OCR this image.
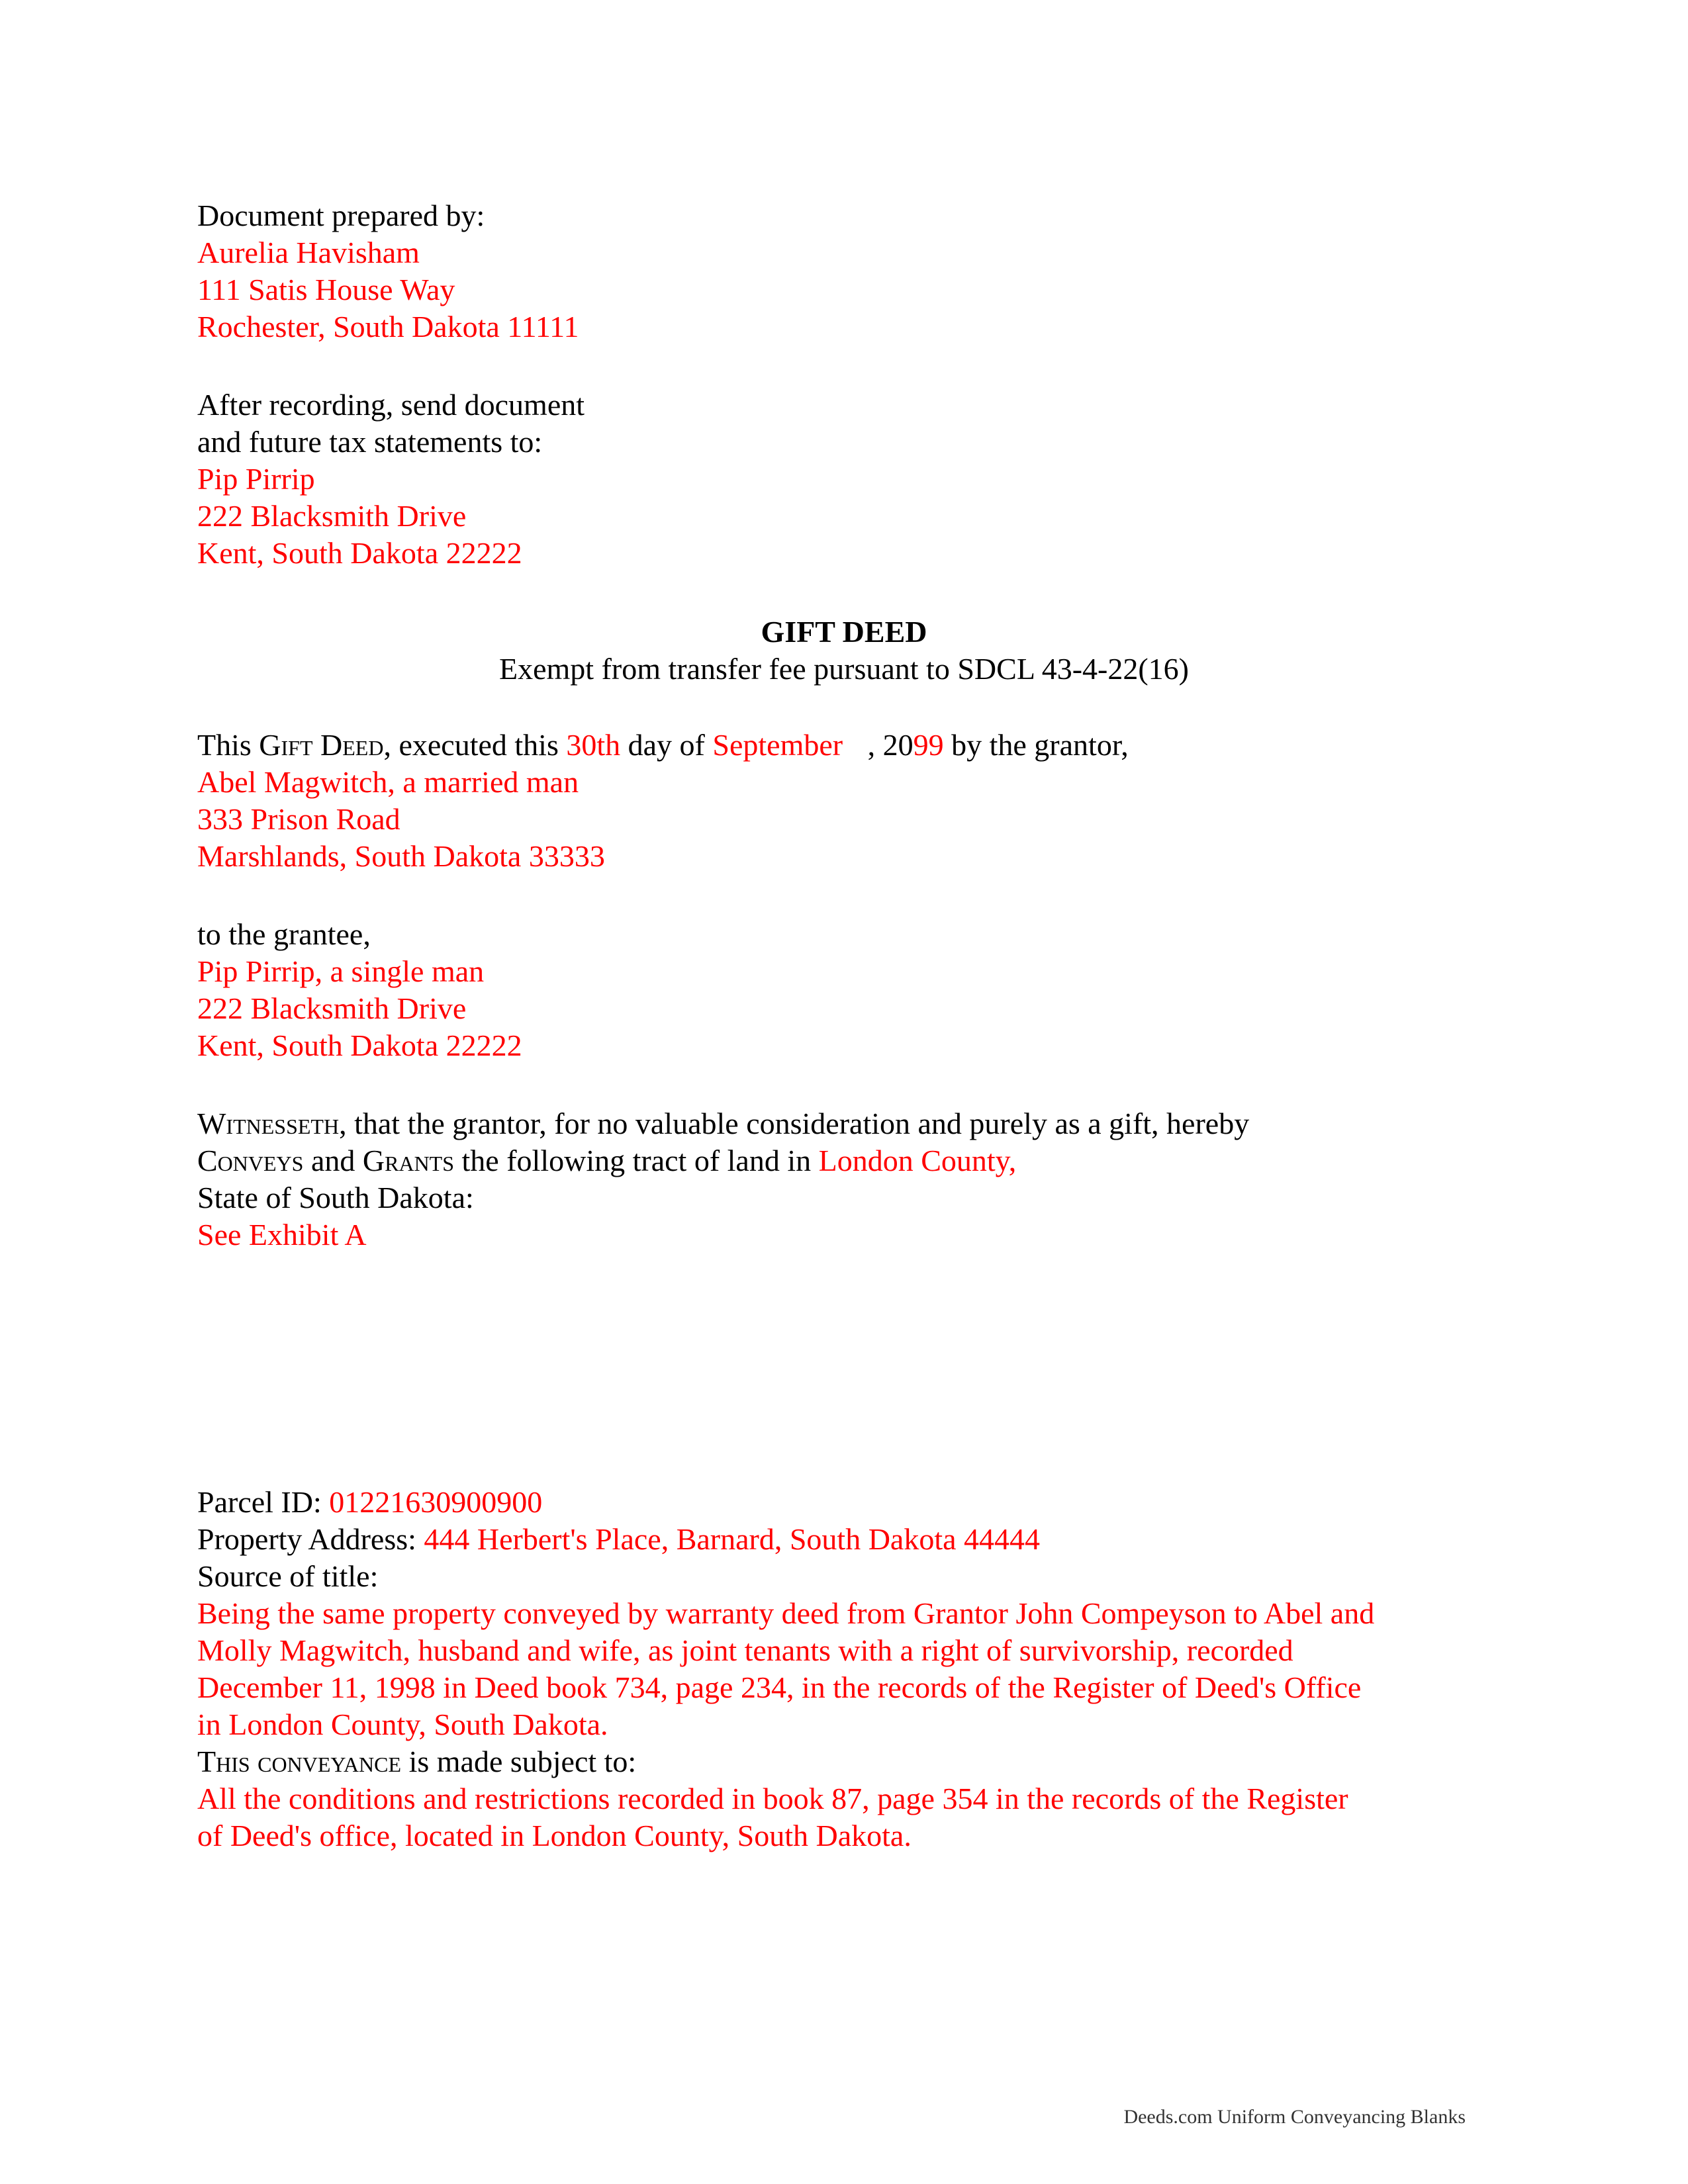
Document prepared by:
Aurelia Havisham
111 Satis House Way
Rochester, South Dakota 11111
After recording, send document
and future tax statements to:
Pip Pirrip
222 Blacksmith Drive
Kent, South Dakota 22222
GIFT DEED
Exempt from transfer fee pursuant to SDCL 43-4-22(16)
This Gift Deed, executed this 30th day of September , 2099 by the grantor,
Abel Magwitch, a married man
333 Prison Road
Marshlands, South Dakota 33333
to the grantee,
Pip Pirrip, a single man
222 Blacksmith Drive
Kent, South Dakota 22222
Witnesseth, that the grantor, for no valuable consideration and purely as a gift, hereby
Conveys and Grants the following tract of land in London County,
State of South Dakota:
See Exhibit A
Parcel ID: 01221630900900
Property Address: 444 Herbert's Place, Barnard, South Dakota 44444
Source of title:
Being the same property conveyed by warranty deed from Grantor John Compeyson to Abel and
Molly Magwitch, husband and wife, as joint tenants with a right of survivorship, recorded
December 11, 1998 in Deed book 734, page 234, in the records of the Register of Deed's Office
in London County, South Dakota.
This conveyance is made subject to:
All the conditions and restrictions recorded in book 87, page 354 in the records of the Register
of Deed's office, located in London County, South Dakota.
Deeds.com Uniform Conveyancing Blanks
